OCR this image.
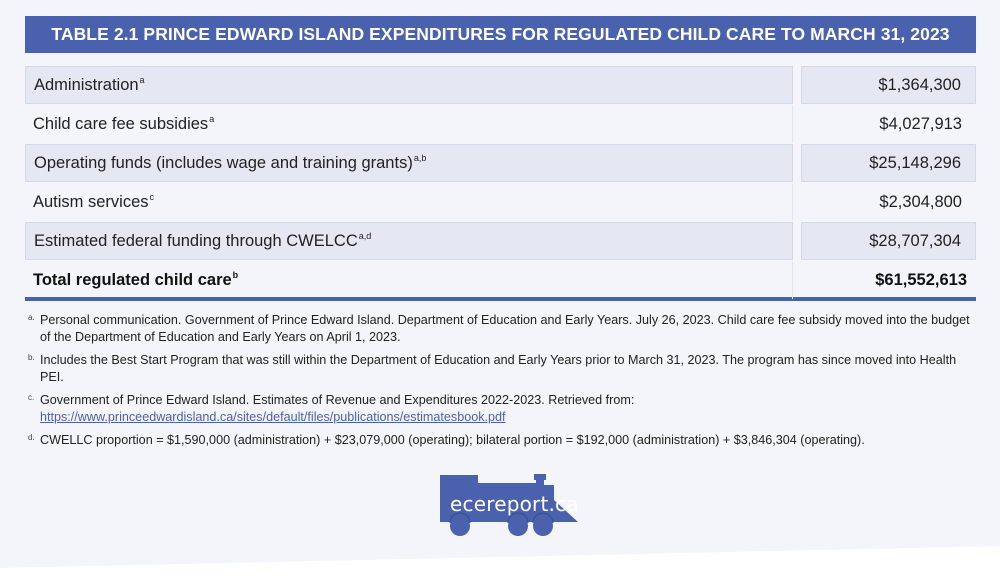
TABLE 2.1 PRINCE EDWARD ISLAND EXPENDITURES FOR REGULATED CHILD CARE TO MARCH 31, 2023
Administration$^a$	$1,364,300
Child care fee subsidies$^a$	$4,027,913
Operating funds (includes wage and training grants)$^{a,b}$	$25,148,296
Autism services$^c$	$2,304,800
Estimated federal funding through CWELCC$^{a,d}$	$28,707,304
Total regulated child care$^b$	$61,552,613
a. Personal communication. Government of Prince Edward Island. Department of Education and Early Years. July 26, 2023. Child care fee subsidy moved into the budget of the Department of Education and Early Years on April 1, 2023.
b. Includes the Best Start Program that was still within the Department of Education and Early Years prior to March 31, 2023. The program has since moved into Health PEI.
c. Government of Prince Edward Island. Estimates of Revenue and Expenditures 2022-2023. Retrieved from: https://www.princeedwardisland.ca/sites/default/files/publications/estimatesbook.pdf
d. CWELLC proportion = $1,590,000 (administration) + $23,079,000 (operating); bilateral portion = $192,000 (administration) + $3,846,304 (operating).
ecereport.ca
